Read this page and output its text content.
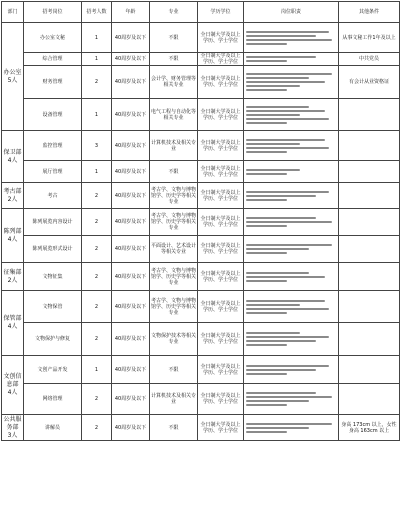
部门	招考岗位	招考人数	年龄	专业	学历学位	岗位职责	其他条件

办公室
5人	办公室文秘	1	40周岁及以下	不限	全日制大学及以上学历、学士学位		从事文秘工作1年及以上
	综合管理	1	40周岁及以下	不限	全日制大学及以上学历、学士学位		中共党员
	财务管理	2	40周岁及以下	会计学、财务管理等相关专业	全日制大学及以上学历、学士学位		有会计从业资格证
	设备管理	1	40周岁及以下	电气工程与自动化等相关专业	全日制大学及以上学历、学士学位	

保卫部
4人	监控管理	3	40周岁及以下	计算机技术及相关专业	全日制大学及以上学历、学士学位	

	展厅管理	1	40周岁及以下	不限	全日制大学及以上学历、学士学位	

考古部
2人	考古	2	40周岁及以下	考古学、文物与博物馆学、历史学等相关专业	全日制大学及以上学历、学士学位	

陈列部
4人	陈列展览内容设计	2	40周岁及以下	考古学、文物与博物馆学、历史学等相关专业	全日制大学及以上学历、学士学位	

	陈列展览形式设计	2	40周岁及以下	平面设计、艺术设计等相关专业	全日制大学及以上学历、学士学位	

征集部
2人	文物征集	2	40周岁及以下	考古学、文物与博物馆学、历史学等相关专业	全日制大学及以上学历、学士学位	

保管部
4人	文物保管	2	40周岁及以下	考古学、文物与博物馆学、历史学等相关专业	全日制大学及以上学历、学士学位	

	文物保护与修复	2	40周岁及以下	文物保护技术等相关专业	全日制大学及以上学历、学士学位	

文创信息部
4人	文创产品开发	1	40周岁及以下	不限	全日制大学及以上学历、学士学位	

	网络管理	2	40周岁及以下	计算机技术及相关专业	全日制大学及以上学历、学士学位	

公共服务部
3人	讲解员	2	40周岁及以下	不限	全日制大学及以上学历、学士学位		身高 173cm 以上，女性身高 163cm 以上
